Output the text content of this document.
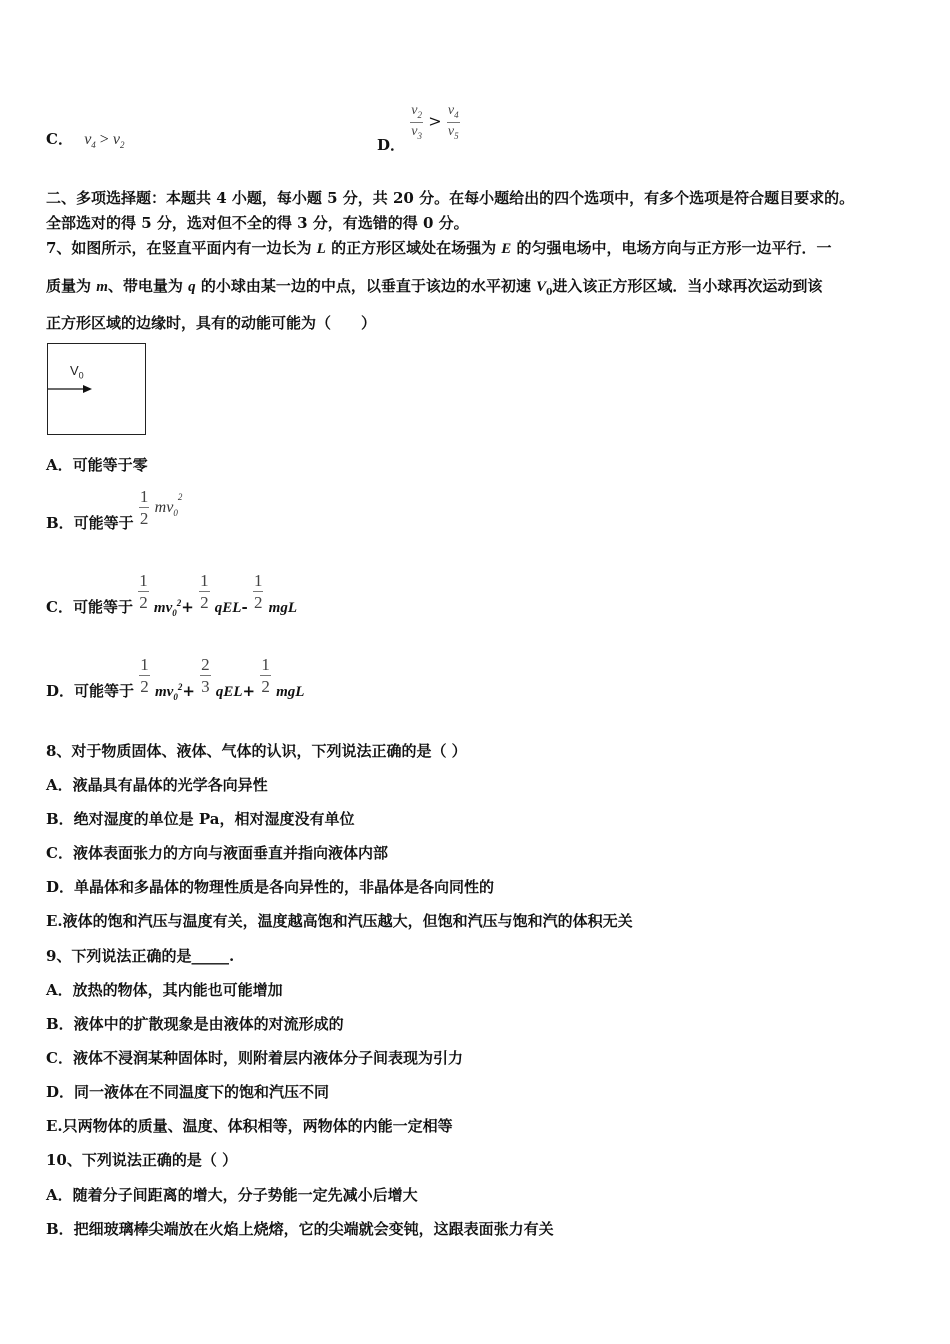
C． $v_4 > v_2$	D．
$\frac{v_2}{v_3} > \frac{v_4}{v_5}$
二、多项选择题：本题共 4 小题，每小题 5 分，共 20 分。在每小题给出的四个选项中，有多个选项是符合题目要求的。
全部选对的得 5 分，选对但不全的得 3 分，有选错的得 0 分。
7、如图所示，在竖直平面内有一边长为 L 的正方形区域处在场强为 E 的匀强电场中，电场方向与正方形一边平行．一
质量为 m、带电量为 q 的小球由某一边的中点，以垂直于该边的水平初速 $V_0$进入该正方形区域．当小球再次运动到该
正方形区域的边缘时，具有的动能可能为（　　）
$V_0$
A．可能等于零
B．可能等于 $\frac{1}{2} mv_0^2$
C．可能等于 $\frac{1}{2} mv_0^2+ \frac{1}{2} qEL- \frac{1}{2}$ mgL
D．可能等于 $\frac{1}{2} mv_0^2+ \frac{2}{3} qEL+ \frac{1}{2}$ mgL
8、对于物质固体、液体、气体的认识，下列说法正确的是（ ）
A．液晶具有晶体的光学各向异性
B．绝对湿度的单位是 Pa，相对湿度没有单位
C．液体表面张力的方向与液面垂直并指向液体内部
D．单晶体和多晶体的物理性质是各向异性的，非晶体是各向同性的
E.液体的饱和汽压与温度有关，温度越高饱和汽压越大，但饱和汽压与饱和汽的体积无关
9、下列说法正确的是_____.
A．放热的物体，其内能也可能增加
B．液体中的扩散现象是由液体的对流形成的
C．液体不浸润某种固体时，则附着层内液体分子间表现为引力
D．同一液体在不同温度下的饱和汽压不同
E.只两物体的质量、温度、体积相等，两物体的内能一定相等
10、下列说法正确的是（ ）
A．随着分子间距离的增大，分子势能一定先减小后增大
B．把细玻璃棒尖端放在火焰上烧熔，它的尖端就会变钝，这跟表面张力有关
